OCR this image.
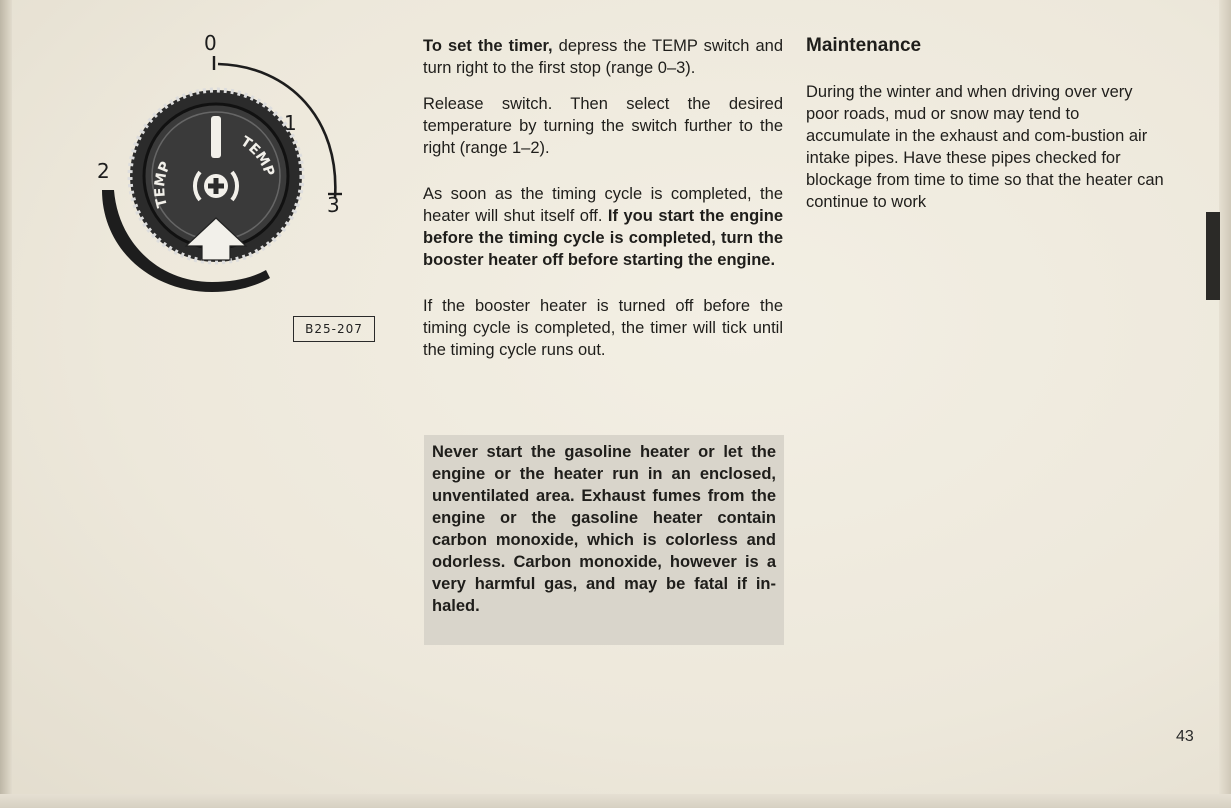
TEMP
TEMP
0
1
2
3
B25-207

To set the timer, depress the TEMP switch and turn right to the first stop (range 0–3).

Release switch. Then select the desired temperature by turning the switch further to the right (range 1–2).

As soon as the timing cycle is completed, the heater will shut itself off. If you start the engine before the timing cycle is completed, turn the booster heater off before starting the engine.

If the booster heater is turned off before the timing cycle is completed, the timer will tick until the timing cycle runs out.

Never start the gasoline heater or let the engine or the heater run in an enclosed, unventilated area. Exhaust fumes from the engine or the gasoline heater contain carbon monoxide, which is colorless and odorless. Carbon monoxide, however is a very harmful gas, and may be fatal if in-haled.

Maintenance

During the winter and when driving over very poor roads, mud or snow may tend to accumulate in the exhaust and com-bustion air intake pipes. Have these pipes checked for blockage from time to time so that the heater can continue to work

43
